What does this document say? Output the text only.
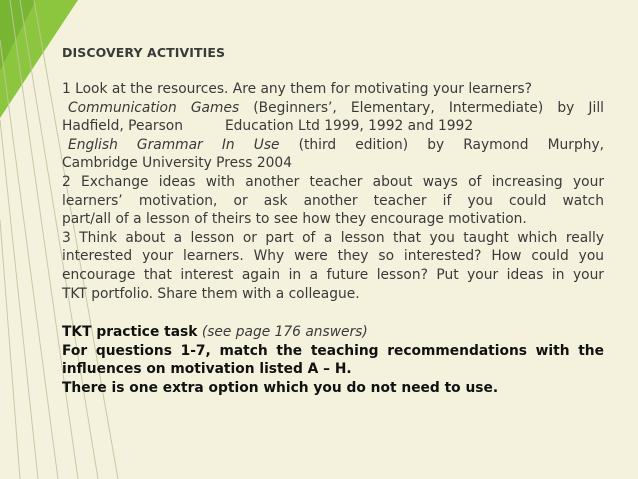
DISCOVERY ACTIVITIES

1 Look at the resources. Are any them for motivating your learners?

Communication Games (Beginners’, Elementary, Intermediate) by Jill

Hadfield, Pearson	Education Ltd 1999, 1992 and 1992

English Grammar In Use (third edition) by Raymond Murphy,

Cambridge University Press 2004

2 Exchange ideas with another teacher about ways of increasing your

learners’ motivation, or ask another teacher if you could watch

part/all of a lesson of theirs to see how they encourage motivation.

3 Think about a lesson or part of a lesson that you taught which really

interested your learners. Why were they so interested? How could you

encourage that interest again in a future lesson? Put your ideas in your

TKT portfolio. Share them with a colleague.

TKT practice task (see page 176 answers)

For questions 1-7, match the teaching recommendations with the

influences on motivation listed A – H.

There is one extra option which you do not need to use.
